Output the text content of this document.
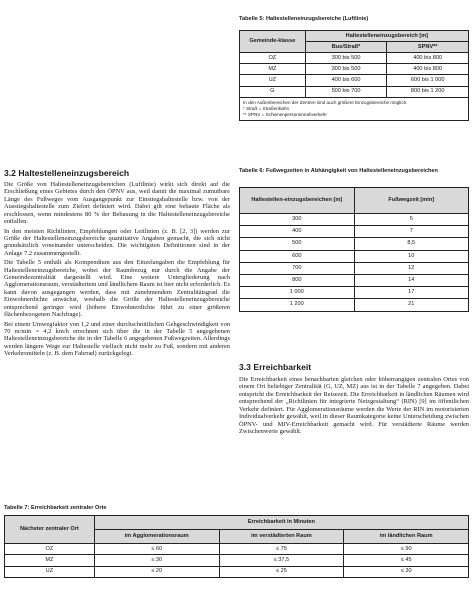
Tabelle 5: Haltestelleneinzugsbereiche (Luftlinie)
Gemeinde-klasse	Haltestelleneinzugsbereich [m]	
	Bus/Straß*	SPNV**
OZ	300 bis 500	400 bis 800
MZ	300 bis 500	400 bis 800
UZ	400 bis 600	600 bis 1 000
G	500 bis 700	800 bis 1 200

In den Außenbereichen der Zentren sind auch größere Einzugsbereiche möglich.
* Straß = Straßenbahn
** SPNV = Schienenpersonennahverkehr		
3.2 Haltestelleneinzugsbereich

Die Größe von Haltestelleneinzugsbereichen (Luftlinie) wirkt sich direkt auf die Erschließung eines Gebietes durch den ÖPNV aus, weil damit die maximal zumutbare Länge des Fußweges vom Ausgangspunkt zur Einstiegshaltestelle bzw. von der Ausstiegshaltestelle zum Zielort definiert wird. Dabei gilt eine bebaute Fläche als erschlossen, wenn mindestens 80 % der Bebauung in die Haltestelleneinzugsbereiche entfallen.

In den meisten Richtlinien, Empfehlungen oder Leitlinien (z. B. [2, 3]) werden zur Größe der Haltestelleneinzugsbereiche quantitative Angaben gemacht, die sich nicht grundsätzlich voneinander unterscheiden. Die wichtigsten Definitionen sind in der Anlage 7.2 zusammengestellt.

Die Tabelle 5 enthält als Kompendium aus den Einzelangaben die Empfehlung für Haltestelleneinzugsbereiche, wobei der Raumbezug nur durch die Angabe der Gemeindezentralität dargestellt wird. Eine weitere Untergliederung nach Agglomerationsraum, verstädtertem und ländlichem Raum ist hier nicht erforderlich. Es kann davon ausgegangen werden, dass mit zunehmendem Zentralitätsgrad die Einwohnerdichte anwächst, weshalb die Größe der Haltestelleneinzugsbereiche entsprechend geringer wird (höhere Einwohnerdichte führt zu einer größeren flächenbezogenen Nachfrage).

Bei einem Umwegfaktor von 1,2 und einer durchschnittlichen Gehgeschwindigkeit von 70 m/min = 4,2 km/h errechnen sich über die in der Tabelle 5 angegebenen Haltestelleneinzugsbereiche die in der Tabelle 6 angegebenen Fußwegzeiten. Allerdings werden längere Wege zur Haltestelle vielfach nicht mehr zu Fuß, sondern mit anderen Verkehrsmitteln (z. B. dem Fahrrad) zurückgelegt.

Tabelle 6: Fußwegzeiten in Abhängigkeit von Haltestelleneinzugsbereichen
Haltestellen-einzugsbereichen [m]	Fußwegzeit [min]
300	5
400	7
500	8,5
600	10
700	12
800	14
1 000	17
1 200	21
3.3 Erreichbarkeit

Die Erreichbarkeit eines benachbarten gleichen oder höherrangigen zentralen Ortes von einem Ort beliebiger Zentralität (G, UZ, MZ) aus ist in der Tabelle 7 angegeben. Dabei entspricht die Erreichbarkeit der Reisezeit. Die Erreichbarkeit in ländlichen Räumen wird entsprechend der „Richtlinien für integrierte Netzgestaltung“ (RIN) [9] im öffentlichen Verkehr definiert. Für Agglomerationsräume werden die Werte der RIN im motorisierten Individualverkehr gewählt, weil in dieser Raumkategorie keine Unterscheidung zwischen ÖPNV- und MIV-Erreichbarkeit gemacht wird. Für verstädterte Räume werden Zwischenwerte gewählt.

Tabelle 7: Erreichbarkeit zentraler Orte
Nächster zentraler Ort	Erreichbarkeit in Minuten		
	im Agglomerationsraum	im verstädterten Raum	im ländlichen Raum
OZ	≤ 60	≤ 75	≤ 90
MZ	≤ 30	≤ 37,5	≤ 45
UZ	≤ 20	≤ 25	≤ 30
